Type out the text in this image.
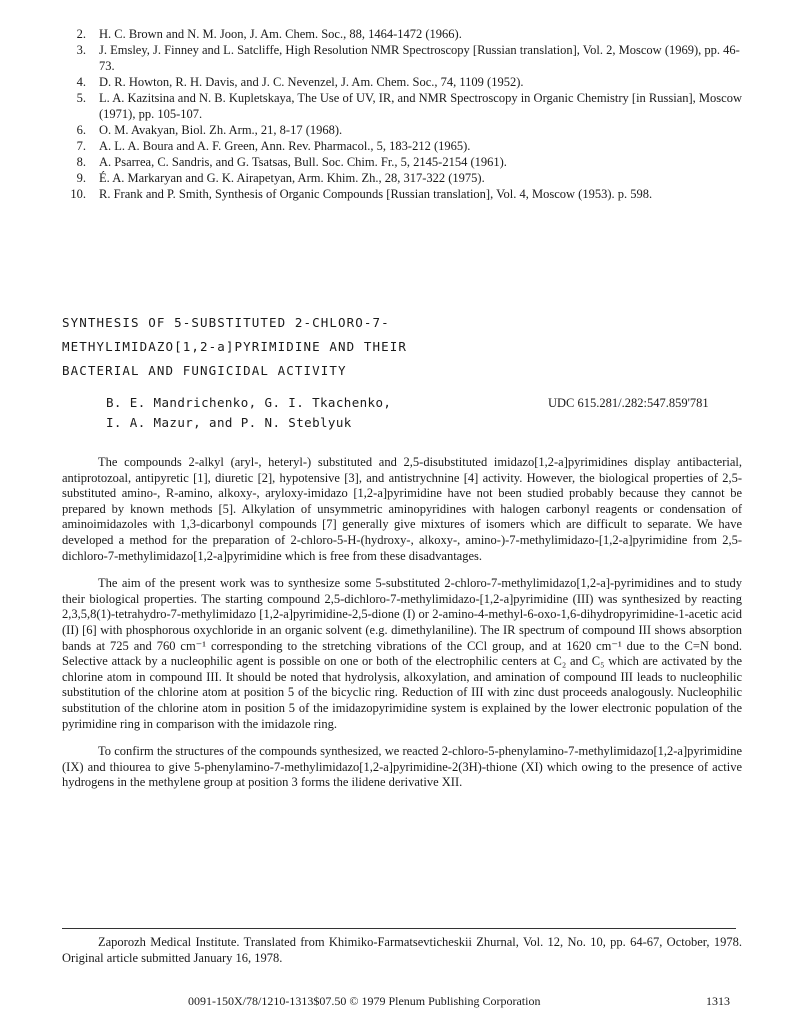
2.	H. C. Brown and N. M. Joon, J. Am. Chem. Soc., 88, 1464-1472 (1966).
3.	J. Emsley, J. Finney and L. Satcliffe, High Resolution NMR Spectroscopy [Russian translation], Vol. 2, Moscow (1969), pp. 46-73.
4.	D. R. Howton, R. H. Davis, and J. C. Nevenzel, J. Am. Chem. Soc., 74, 1109 (1952).
5.	L. A. Kazitsina and N. B. Kupletskaya, The Use of UV, IR, and NMR Spectroscopy in Organic Chemistry [in Russian], Moscow (1971), pp. 105-107.
6.	O. M. Avakyan, Biol. Zh. Arm., 21, 8-17 (1968).
7.	A. L. A. Boura and A. F. Green, Ann. Rev. Pharmacol., 5, 183-212 (1965).
8.	A. Psarrea, C. Sandris, and G. Tsatsas, Bull. Soc. Chim. Fr., 5, 2145-2154 (1961).
9.	É. A. Markaryan and G. K. Airapetyan, Arm. Khim. Zh., 28, 317-322 (1975).
10.	R. Frank and P. Smith, Synthesis of Organic Compounds [Russian translation], Vol. 4, Moscow (1953). p. 598.
SYNTHESIS OF 5-SUBSTITUTED 2-CHLORO-7-
METHYLIMIDAZO[1,2-a]PYRIMIDINE AND THEIR
BACTERIAL AND FUNGICIDAL ACTIVITY
B. E. Mandrichenko, G. I. Tkachenko,
I. A. Mazur, and P. N. Steblyuk
UDC 615.281/.282:547.859'781

The compounds 2-alkyl (aryl-, heteryl-) substituted and 2,5-disubstituted imidazo[1,2-a]pyrimidines display antibacterial, antiprotozoal, antipyretic [1], diuretic [2], hypotensive [3], and antistrychnine [4] activity. However, the biological properties of 2,5-substituted amino-, R-amino, alkoxy-, aryloxy-imidazo [1,2-a]pyrimidine have not been studied probably because they cannot be prepared by known methods [5]. Alkylation of unsymmetric aminopyridines with halogen carbonyl reagents or condensation of aminoimidazoles with 1,3-dicarbonyl compounds [7] generally give mixtures of isomers which are difficult to separate. We have developed a method for the preparation of 2-chloro-5-H-(hydroxy-, alkoxy-, amino-)-7-methylimidazo-[1,2-a]pyrimidine from 2,5-dichloro-7-methylimidazo[1,2-a]pyrimidine which is free from these disadvantages.

The aim of the present work was to synthesize some 5-substituted 2-chloro-7-methylimidazo[1,2-a]-pyrimidines and to study their biological properties. The starting compound 2,5-dichloro-7-methylimidazo-[1,2-a]pyrimidine (III) was synthesized by reacting 2,3,5,8(1)-tetrahydro-7-methylimidazo [1,2-a]pyrimidine-2,5-dione (I) or 2-amino-4-methyl-6-oxo-1,6-dihydropyrimidine-1-acetic acid (II) [6] with phosphorous oxychloride in an organic solvent (e.g. dimethylaniline). The IR spectrum of compound III shows absorption bands at 725 and 760 cm⁻¹ corresponding to the stretching vibrations of the CCl group, and at 1620 cm⁻¹ due to the C=N bond. Selective attack by a nucleophilic agent is possible on one or both of the electrophilic centers at C₂ and C₅ which are activated by the chlorine atom in compound III. It should be noted that hydrolysis, alkoxylation, and amination of compound III leads to nucleophilic substitution of the chlorine atom at position 5 of the bicyclic ring. Reduction of III with zinc dust proceeds analogously. Nucleophilic substitution of the chlorine atom in position 5 of the imidazopyrimidine system is explained by the lower electronic population of the pyrimidine ring in comparison with the imidazole ring.

To confirm the structures of the compounds synthesized, we reacted 2-chloro-5-phenylamino-7-methylimidazo[1,2-a]pyrimidine (IX) and thiourea to give 5-phenylamino-7-methylimidazo[1,2-a]pyrimidine-2(3H)-thione (XI) which owing to the presence of active hydrogens in the methylene group at position 3 forms the ilidene derivative XII.

Zaporozh Medical Institute. Translated from Khimiko-Farmatsevticheskii Zhurnal, Vol. 12, No. 10, pp. 64-67, October, 1978. Original article submitted January 16, 1978.
0091-150X/78/1210-1313$07.50 © 1979 Plenum Publishing Corporation	1313
